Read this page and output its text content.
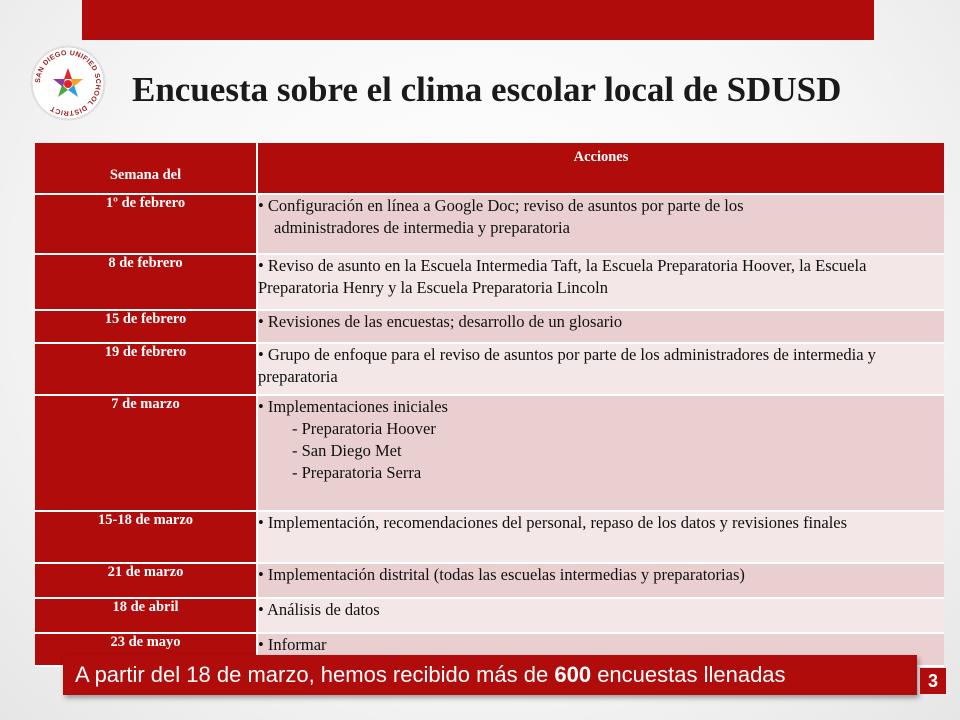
SAN DIEGO UNIFIED SCHOOL DISTRICT	Encuesta sobre el clima escolar local de SDUSD
Semana del	Acciones
1º de febrero	• Configuración en línea a Google Doc; reviso de asuntos por parte de los
administradores de intermedia y preparatoria

8 de febrero	• Reviso de asunto en la Escuela Intermedia Taft, la Escuela Preparatoria Hoover, la Escuela Preparatoria Henry y la Escuela Preparatoria Lincoln
15 de febrero	• Revisiones de las encuestas; desarrollo de un glosario
19 de febrero	• Grupo de enfoque para el reviso de asuntos por parte de los administradores de intermedia y preparatoria
7 de marzo	• Implementaciones iniciales
- Preparatoria Hoover
- San Diego Met
- Preparatoria Serra

15-18 de marzo	• Implementación, recomendaciones del personal, repaso de los datos y revisiones finales
21 de marzo	• Implementación distrital (todas las escuelas intermedias y preparatorias)
18 de abril	• Análisis de datos
23 de mayo	• Informar
A partir del 18 de marzo, hemos recibido más de 600 encuestas llenadas	3
